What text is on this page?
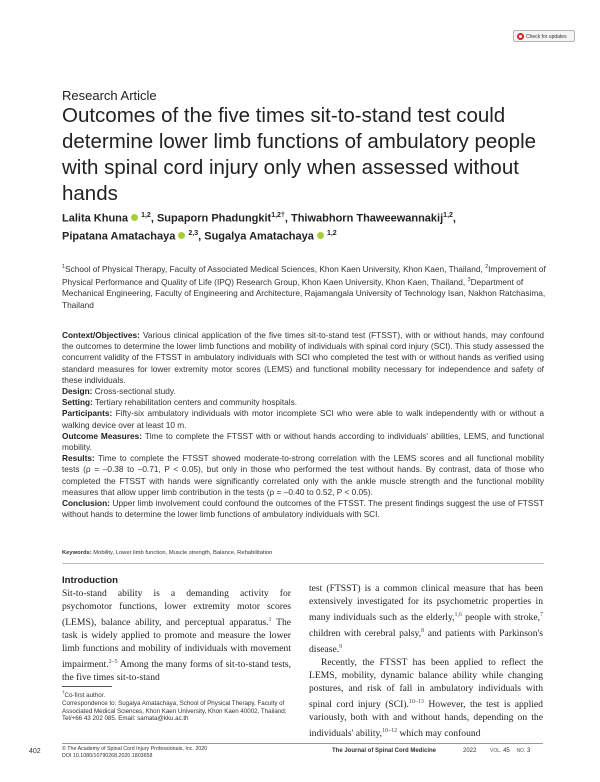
Check for updates
Research Article
Outcomes of the five times sit-to-stand test could determine lower limb functions of ambulatory people with spinal cord injury only when assessed without hands
Lalita Khuna $^{1,2}$, Supaporn Phadungkit$^{1,2\dagger}$, Thiwabhorn Thaweewannakij$^{1,2}$,
Pipatana Amatachaya $^{2,3}$, Sugalya Amatachaya $^{1,2}$
$^1$School of Physical Therapy, Faculty of Associated Medical Sciences, Khon Kaen University, Khon Kaen, Thailand, $^2$Improvement of Physical Performance and Quality of Life (IPQ) Research Group, Khon Kaen University, Khon Kaen, Thailand, $^3$Department of Mechanical Engineering, Faculty of Engineering and Architecture, Rajamangala University of Technology Isan, Nakhon Ratchasima, Thailand

Context/Objectives: Various clinical application of the five times sit-to-stand test (FTSST), with or without hands, may confound the outcomes to determine the lower limb functions and mobility of individuals with spinal cord injury (SCI). This study assessed the concurrent validity of the FTSST in ambulatory individuals with SCI who completed the test with or without hands as verified using standard measures for lower extremity motor scores (LEMS) and functional mobility necessary for independence and safety of these individuals.

Design: Cross-sectional study.

Setting: Tertiary rehabilitation centers and community hospitals.

Participants: Fifty-six ambulatory individuals with motor incomplete SCI who were able to walk independently with or without a walking device over at least 10 m.

Outcome Measures: Time to complete the FTSST with or without hands according to individuals' abilities, LEMS, and functional mobility.

Results: Time to complete the FTSST showed moderate-to-strong correlation with the LEMS scores and all functional mobility tests (ρ = –0.38 to –0.71, P < 0.05), but only in those who performed the test without hands. By contrast, data of those who completed the FTSST with hands were significantly correlated only with the ankle muscle strength and the functional mobility measures that allow upper limb contribution in the tests (ρ = –0.40 to 0.52, P < 0.05).

Conclusion: Upper limb involvement could confound the outcomes of the FTSST. The present findings suggest the use of FTSST without hands to determine the lower limb functions of ambulatory individuals with SCI.

Keywords: Mobility, Lower limb function, Muscle strength, Balance, Rehabilitation
Introduction

Sit-to-stand ability is a demanding activity for psychomotor functions, lower extremity motor scores (LEMS), balance ability, and perceptual apparatus.$^1$ The task is widely applied to promote and measure the lower limb functions and mobility of individuals with movement impairment.$^{2-5}$ Among the many forms of sit-to-stand tests, the five times sit-to-stand

test (FTSST) is a common clinical measure that has been extensively investigated for its psychometric properties in many individuals such as the elderly,$^{1,6}$ people with stroke,$^7$ children with cerebral palsy,$^8$ and patients with Parkinson's disease.$^9$

Recently, the FTSST has been applied to reflect the LEMS, mobility, dynamic balance ability while changing postures, and risk of fall in ambulatory individuals with spinal cord injury (SCI).$^{10-13}$ However, the test is applied variously, both with and without hands, depending on the individuals' ability,$^{10-12}$ which may confound

†Co-first author.
Correspondence to: Sugalya Amatachaya, School of Physical Therapy, Faculty of Associated Medical Sciences, Khon Kaen University, Khon Kaen 40002, Thailand; Tel/+66 43 202 085. Email: samata@kku.ac.th
402	© The Academy of Spinal Cord Injury Professionals, Inc. 2020
DOI 10.1080/10790268.2020.1803658
The Journal of Spinal Cord Medicine	2022	VOL. 45 NO. 3
